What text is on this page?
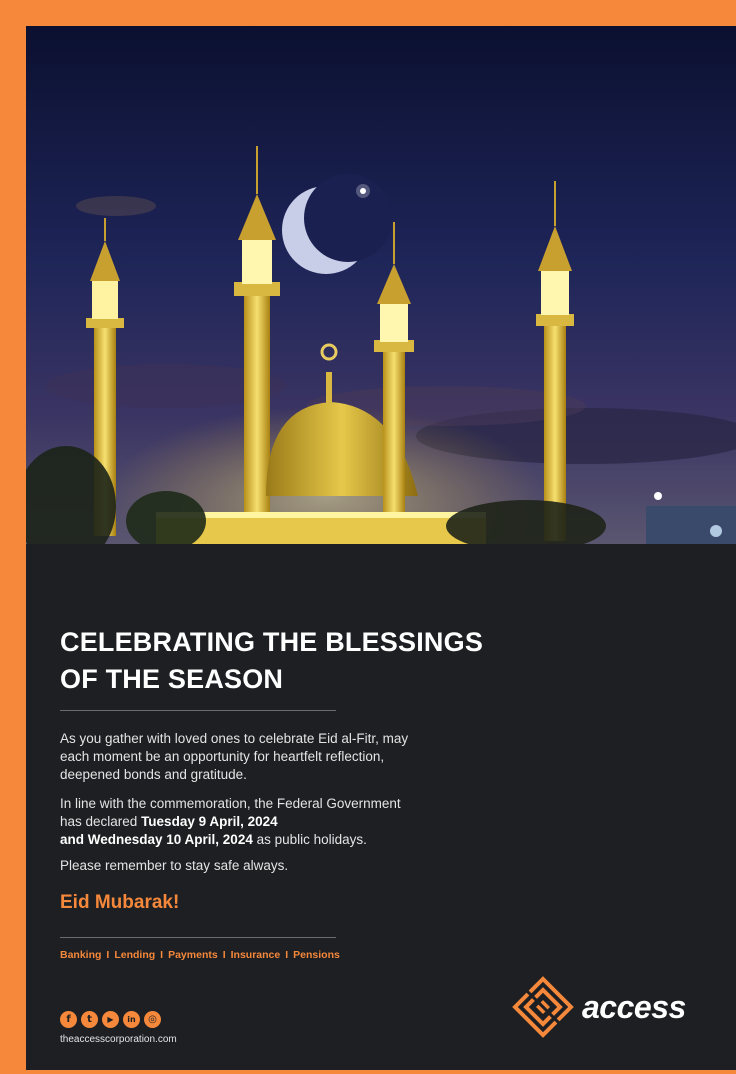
CELEBRATING THE BLESSINGS
OF THE SEASON

As you gather with loved ones to celebrate Eid al-Fitr, may each moment be an opportunity for heartfelt reflection, deepened bonds and gratitude.

In line with the commemoration, the Federal Government has declared Tuesday 9 April, 2024
and Wednesday 10 April, 2024 as public holidays.

Please remember to stay safe always.

Eid Mubarak!
Banking I Lending I Payments I Insurance I Pensions
f	t	▶	in	◎
theaccesscorporation.com
access
